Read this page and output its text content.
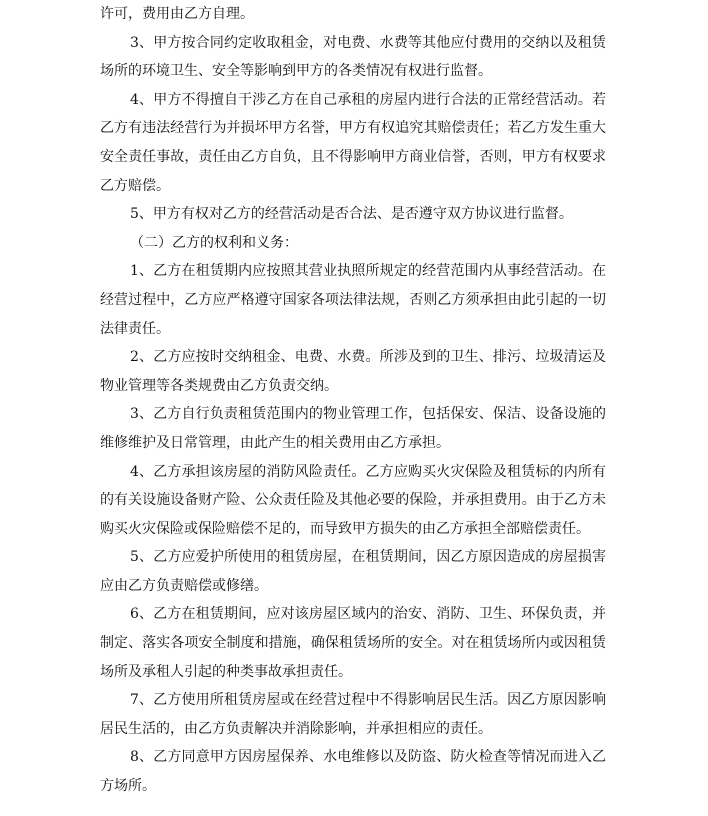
许可，费用由乙方自理。

3、甲方按合同约定收取租金，对电费、水费等其他应付费用的交纳以及租赁场所的环境卫生、安全等影响到甲方的各类情况有权进行监督。

4、甲方不得擅自干涉乙方在自己承租的房屋内进行合法的正常经营活动。若乙方有违法经营行为并损坏甲方名誉，甲方有权追究其赔偿责任；若乙方发生重大安全责任事故，责任由乙方自负，且不得影响甲方商业信誉，否则，甲方有权要求乙方赔偿。

5、甲方有权对乙方的经营活动是否合法、是否遵守双方协议进行监督。

（二）乙方的权利和义务：

1、乙方在租赁期内应按照其营业执照所规定的经营范围内从事经营活动。在经营过程中，乙方应严格遵守国家各项法律法规，否则乙方须承担由此引起的一切法律责任。

2、乙方应按时交纳租金、电费、水费。所涉及到的卫生、排污、垃圾清运及物业管理等各类规费由乙方负责交纳。

3、乙方自行负责租赁范围内的物业管理工作，包括保安、保洁、设备设施的维修维护及日常管理，由此产生的相关费用由乙方承担。

4、乙方承担该房屋的消防风险责任。乙方应购买火灾保险及租赁标的内所有的有关设施设备财产险、公众责任险及其他必要的保险，并承担费用。由于乙方未购买火灾保险或保险赔偿不足的，而导致甲方损失的由乙方承担全部赔偿责任。

5、乙方应爱护所使用的租赁房屋，在租赁期间，因乙方原因造成的房屋损害应由乙方负责赔偿或修缮。

6、乙方在租赁期间，应对该房屋区域内的治安、消防、卫生、环保负责，并制定、落实各项安全制度和措施，确保租赁场所的安全。对在租赁场所内或因租赁场所及承租人引起的种类事故承担责任。

7、乙方使用所租赁房屋或在经营过程中不得影响居民生活。因乙方原因影响居民生活的，由乙方负责解决并消除影响，并承担相应的责任。

8、乙方同意甲方因房屋保养、水电维修以及防盗、防火检查等情况而进入乙方场所。
